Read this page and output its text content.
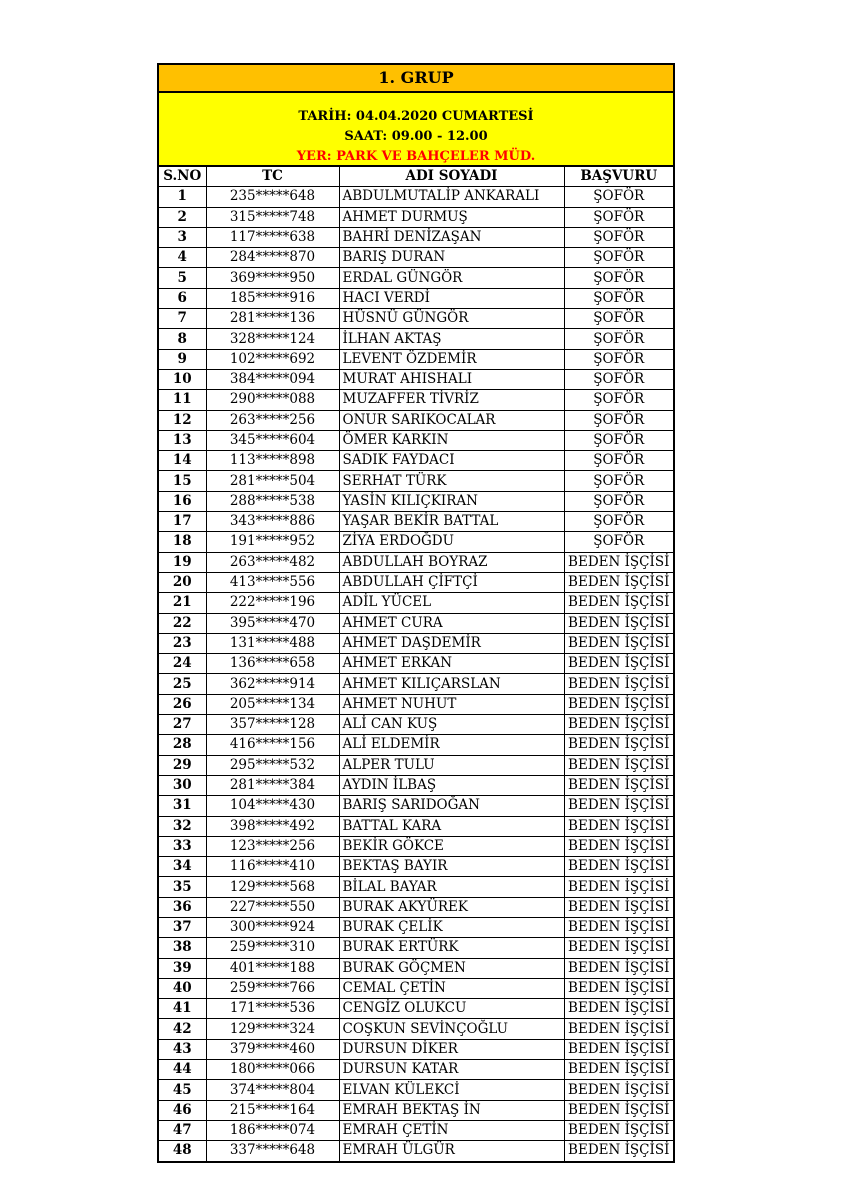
1. GRUP
TARİH: 04.04.2020 CUMARTESİ
SAAT: 09.00 - 12.00
YER: PARK VE BAHÇELER MÜD.
S.NO	TC	ADI SOYADI	BAŞVURU
1	235*****648	ABDULMUTALİP ANKARALI	ŞOFÖR
2	315*****748	AHMET DURMUŞ	ŞOFÖR
3	117*****638	BAHRİ DENİZAŞAN	ŞOFÖR
4	284*****870	BARIŞ DURAN	ŞOFÖR
5	369*****950	ERDAL GÜNGÖR	ŞOFÖR
6	185*****916	HACI VERDİ	ŞOFÖR
7	281*****136	HÜSNÜ GÜNGÖR	ŞOFÖR
8	328*****124	İLHAN AKTAŞ	ŞOFÖR
9	102*****692	LEVENT ÖZDEMİR	ŞOFÖR
10	384*****094	MURAT AHISHALI	ŞOFÖR
11	290*****088	MUZAFFER TİVRİZ	ŞOFÖR
12	263*****256	ONUR SARIKOCALAR	ŞOFÖR
13	345*****604	ÖMER KARKIN	ŞOFÖR
14	113*****898	SADIK FAYDACI	ŞOFÖR
15	281*****504	SERHAT TÜRK	ŞOFÖR
16	288*****538	YASİN KILIÇKIRAN	ŞOFÖR
17	343*****886	YAŞAR BEKİR BATTAL	ŞOFÖR
18	191*****952	ZİYA ERDOĞDU	ŞOFÖR
19	263*****482	ABDULLAH BOYRAZ	BEDEN İŞÇİSİ
20	413*****556	ABDULLAH ÇİFTÇİ	BEDEN İŞÇİSİ
21	222*****196	ADİL YÜCEL	BEDEN İŞÇİSİ
22	395*****470	AHMET CURA	BEDEN İŞÇİSİ
23	131*****488	AHMET DAŞDEMİR	BEDEN İŞÇİSİ
24	136*****658	AHMET ERKAN	BEDEN İŞÇİSİ
25	362*****914	AHMET KILIÇARSLAN	BEDEN İŞÇİSİ
26	205*****134	AHMET NUHUT	BEDEN İŞÇİSİ
27	357*****128	ALİ CAN KUŞ	BEDEN İŞÇİSİ
28	416*****156	ALİ ELDEMİR	BEDEN İŞÇİSİ
29	295*****532	ALPER TULU	BEDEN İŞÇİSİ
30	281*****384	AYDIN İLBAŞ	BEDEN İŞÇİSİ
31	104*****430	BARIŞ SARIDOĞAN	BEDEN İŞÇİSİ
32	398*****492	BATTAL KARA	BEDEN İŞÇİSİ
33	123*****256	BEKİR GÖKCE	BEDEN İŞÇİSİ
34	116*****410	BEKTAŞ BAYIR	BEDEN İŞÇİSİ
35	129*****568	BİLAL BAYAR	BEDEN İŞÇİSİ
36	227*****550	BURAK AKYÜREK	BEDEN İŞÇİSİ
37	300*****924	BURAK ÇELİK	BEDEN İŞÇİSİ
38	259*****310	BURAK ERTÜRK	BEDEN İŞÇİSİ
39	401*****188	BURAK GÖÇMEN	BEDEN İŞÇİSİ
40	259*****766	CEMAL ÇETİN	BEDEN İŞÇİSİ
41	171*****536	CENGİZ OLUKCU	BEDEN İŞÇİSİ
42	129*****324	COŞKUN SEVİNÇOĞLU	BEDEN İŞÇİSİ
43	379*****460	DURSUN DİKER	BEDEN İŞÇİSİ
44	180*****066	DURSUN KATAR	BEDEN İŞÇİSİ
45	374*****804	ELVAN KÜLEKCİ	BEDEN İŞÇİSİ
46	215*****164	EMRAH BEKTAŞ İN	BEDEN İŞÇİSİ
47	186*****074	EMRAH ÇETİN	BEDEN İŞÇİSİ
48	337*****648	EMRAH ÜLGÜR	BEDEN İŞÇİSİ
